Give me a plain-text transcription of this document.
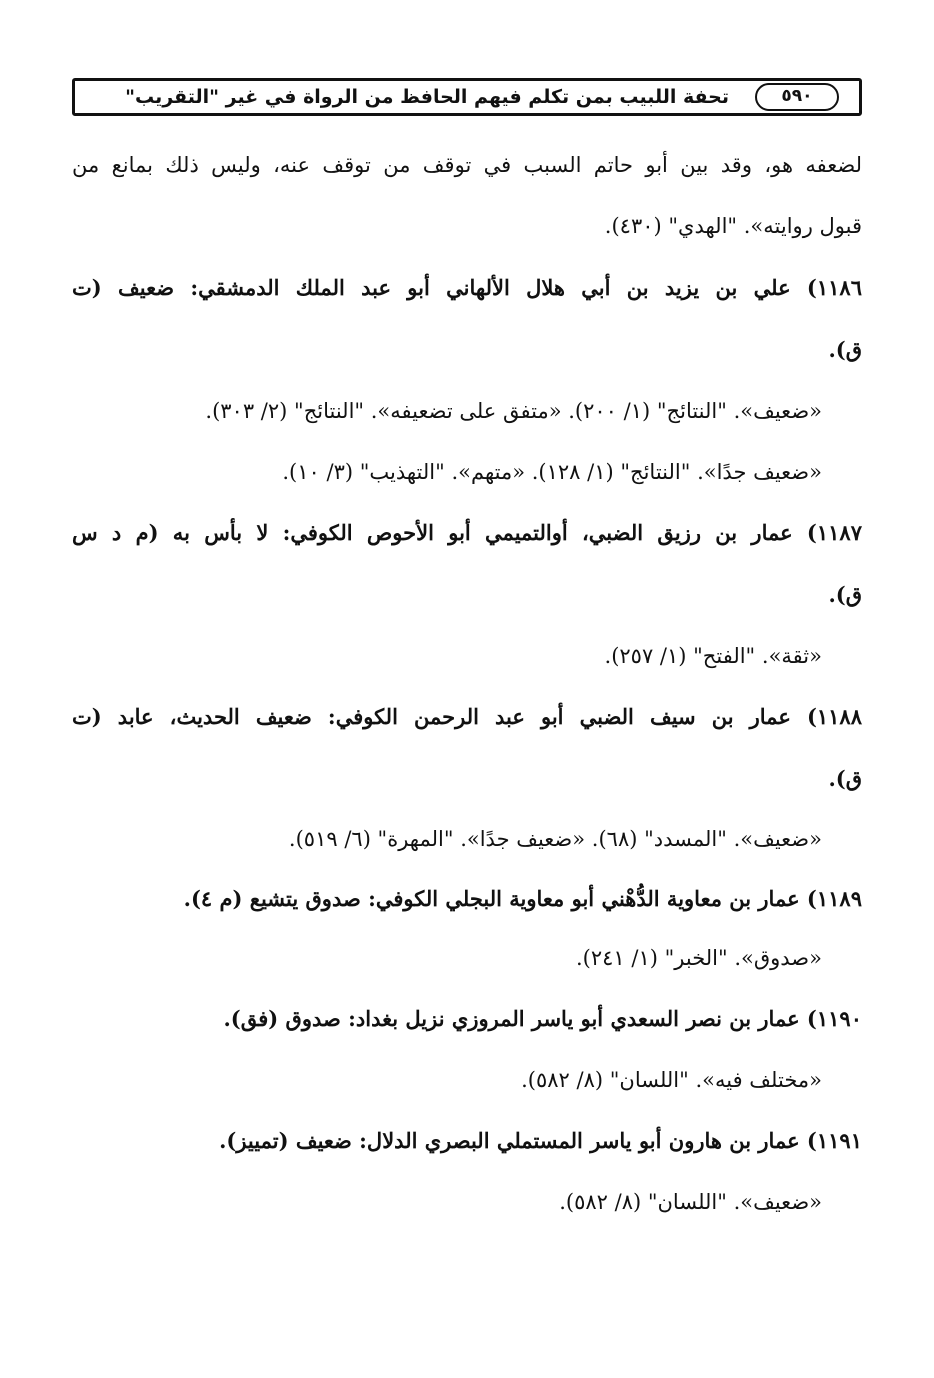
تحفة اللبيب بمن تكلم فيهم الحافظ من الرواة في غير "التقريب"	٥٩٠
لضعفه هو، وقد بين أبو حاتم السبب في توقف من توقف عنه، وليس ذلك بمانع من
قبول روايته». "الهدي" (٤٣٠).
١١٨٦) علي بن يزيد بن أبي هلال الألهاني أبو عبد الملك الدمشقي: ضعيف (ت
ق).
«ضعيف». "النتائج" (١/ ٢٠٠). «متفق على تضعيفه». "النتائج" (٢/ ٣٠٣).
«ضعيف جدًا». "النتائج" (١/ ١٢٨). «متهم». "التهذيب" (٣/ ١٠).
١١٨٧) عمار بن رزيق الضبي، أوالتميمي أبو الأحوص الكوفي: لا بأس به (م د س
ق).
«ثقة». "الفتح" (١/ ٢٥٧).
١١٨٨) عمار بن سيف الضبي أبو عبد الرحمن الكوفي: ضعيف الحديث، عابد (ت
ق).
«ضعيف». "المسدد" (٦٨). «ضعيف جدًا». "المهرة" (٦/ ٥١٩).
١١٨٩) عمار بن معاوية الدُّهْني أبو معاوية البجلي الكوفي: صدوق يتشيع (م ٤).
«صدوق». "الخبر" (١/ ٢٤١).
١١٩٠) عمار بن نصر السعدي أبو ياسر المروزي نزيل بغداد: صدوق (فق).
«مختلف فيه». "اللسان" (٨/ ٥٨٢).
١١٩١) عمار بن هارون أبو ياسر المستملي البصري الدلال: ضعيف (تمييز).
«ضعيف». "اللسان" (٨/ ٥٨٢).
